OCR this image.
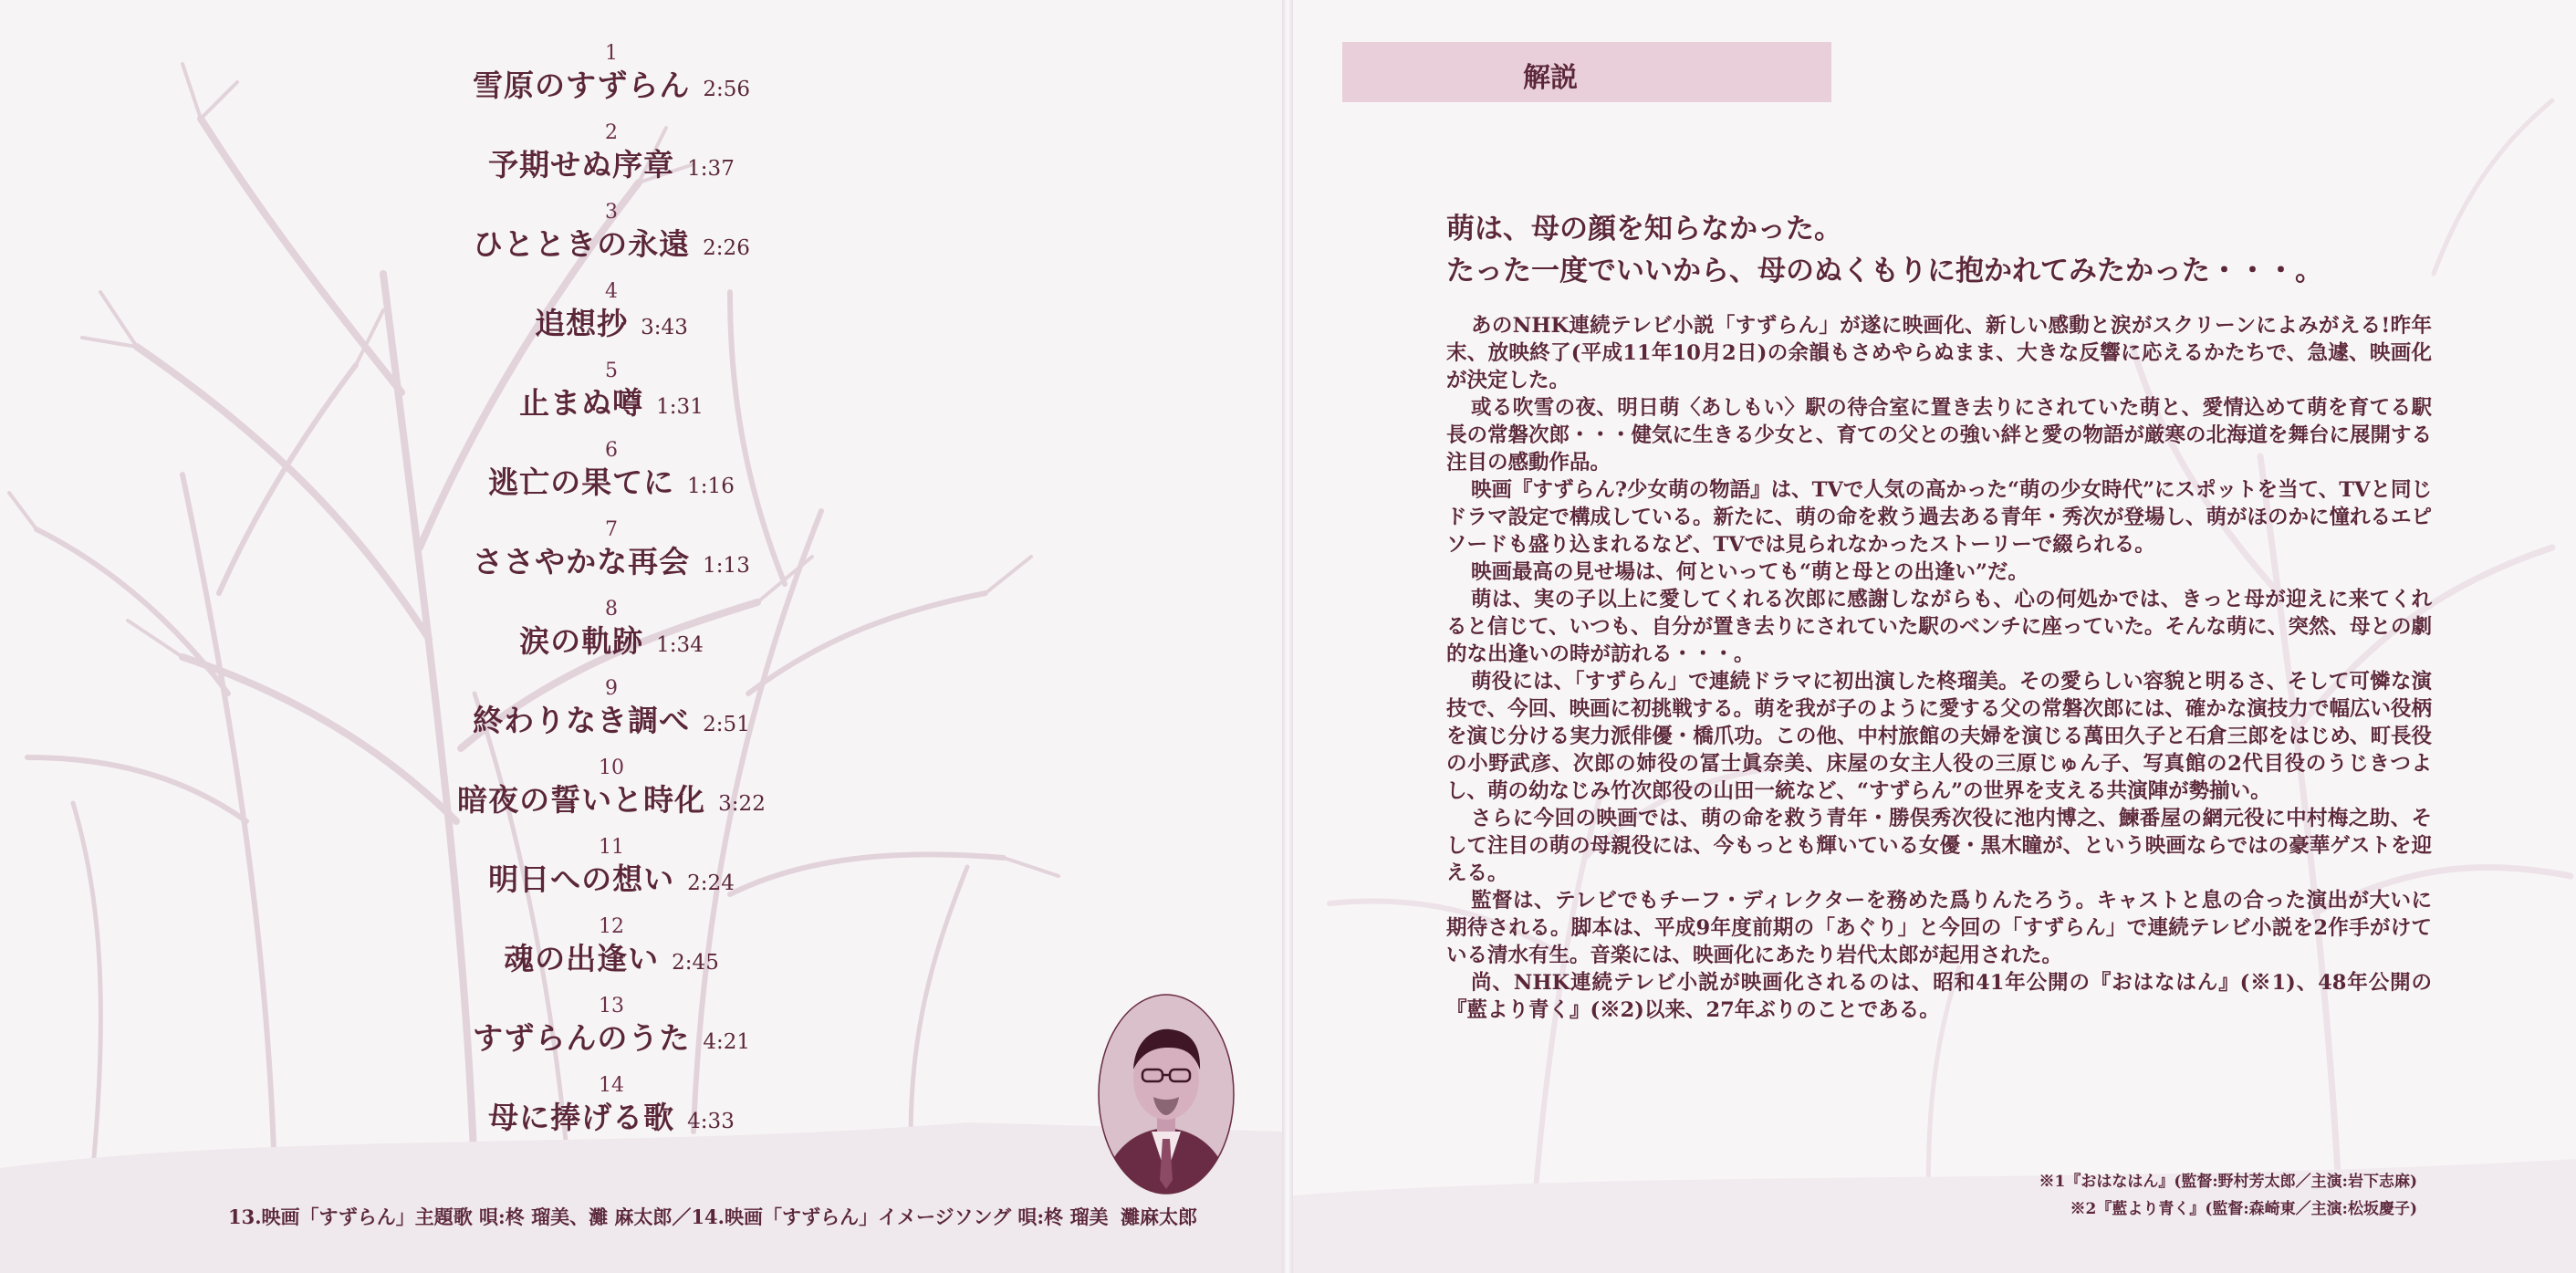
1
雪原のすずらん 2:56
2
予期せぬ序章 1:37
3
ひとときの永遠 2:26
4
追想抄 3:43
5
止まぬ噂 1:31
6
逃亡の果てに 1:16
7
ささやかな再会 1:13
8
涙の軌跡 1:34
9
終わりなき調べ 2:51
10
暗夜の誓いと時化 3:22
11
明日への想い 2:24
12
魂の出逢い 2:45
13
すずらんのうた 4:21
14
母に捧げる歌 4:33
13.映画「すずらん」主題歌 唄:柊 瑠美、灘 麻太郎／14.映画「すずらん」イメージソング 唄:柊 瑠美 灘麻太郎
解説
萌は、母の顔を知らなかった。
たった一度でいいから、母のぬくもりに抱かれてみたかった・・・。

あのNHK連続テレビ小説「すずらん」が遂に映画化、新しい感動と涙がスクリーンによみがえる!昨年末、放映終了(平成11年10月2日)の余韻もさめやらぬまま、大きな反響に応えるかたちで、急遽、映画化が決定した。

或る吹雪の夜、明日萌〈あしもい〉駅の待合室に置き去りにされていた萌と、愛情込めて萌を育てる駅長の常磐次郎・・・健気に生きる少女と、育ての父との強い絆と愛の物語が厳寒の北海道を舞台に展開する注目の感動作品。

映画『すずらん?少女萌の物語』は、TVで人気の高かった“萌の少女時代”にスポットを当て、TVと同じドラマ設定で構成している。新たに、萌の命を救う過去ある青年・秀次が登場し、萌がほのかに憧れるエピソードも盛り込まれるなど、TVでは見られなかったストーリーで綴られる。

映画最高の見せ場は、何といっても“萌と母との出逢い”だ。

萌は、実の子以上に愛してくれる次郎に感謝しながらも、心の何処かでは、きっと母が迎えに来てくれると信じて、いつも、自分が置き去りにされていた駅のベンチに座っていた。そんな萌に、突然、母との劇的な出逢いの時が訪れる・・・。

萌役には、「すずらん」で連続ドラマに初出演した柊瑠美。その愛らしい容貌と明るさ、そして可憐な演技で、今回、映画に初挑戦する。萌を我が子のように愛する父の常磐次郎には、確かな演技力で幅広い役柄を演じ分ける実力派俳優・橋爪功。この他、中村旅館の夫婦を演じる萬田久子と石倉三郎をはじめ、町長役の小野武彦、次郎の姉役の冨士眞奈美、床屋の女主人役の三原じゅん子、写真館の2代目役のうじきつよし、萌の幼なじみ竹次郎役の山田一統など、“すずらん”の世界を支える共演陣が勢揃い。

さらに今回の映画では、萌の命を救う青年・勝俣秀次役に池内博之、鰊番屋の網元役に中村梅之助、そして注目の萌の母親役には、今もっとも輝いている女優・黒木瞳が、という映画ならではの豪華ゲストを迎える。

監督は、テレビでもチーフ・ディレクターを務めた爲りんたろう。キャストと息の合った演出が大いに期待される。脚本は、平成9年度前期の「あぐり」と今回の「すずらん」で連続テレビ小説を2作手がけている清水有生。音楽には、映画化にあたり岩代太郎が起用された。

尚、NHK連続テレビ小説が映画化されるのは、昭和41年公開の『おはなはん』(※1)、48年公開の『藍より青く』(※2)以来、27年ぶりのことである。

※1『おはなはん』(監督:野村芳太郎／主演:岩下志麻)
※2『藍より青く』(監督:森崎東／主演:松坂慶子)
